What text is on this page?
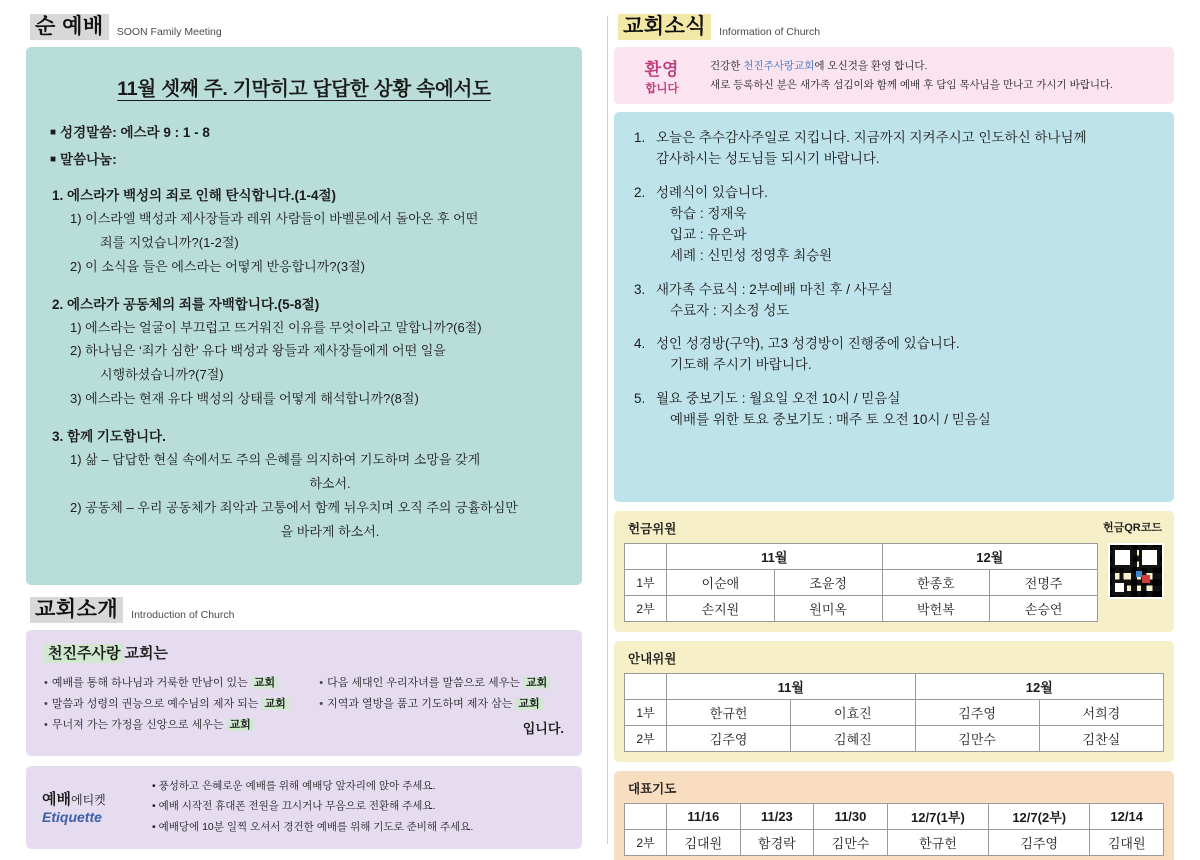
순 예배	SOON Family Meeting
11월 셋째 주. 기막히고 답답한 상황 속에서도
■ 성경말씀: 에스라 9 : 1 - 8
■ 말씀나눔:
1. 에스라가 백성의 죄로 인해 탄식합니다.(1-4절)
1) 이스라엘 백성과 제사장들과 레위 사람들이 바벨론에서 돌아온 후 어떤
죄를 지었습니까?(1-2절)
2) 이 소식을 들은 에스라는 어떻게 반응합니까?(3절)
2. 에스라가 공동체의 죄를 자백합니다.(5-8절)
1) 에스라는 얼굴이 부끄럽고 뜨거워진 이유를 무엇이라고 말합니까?(6절)
2) 하나님은 ‘죄가 심한’ 유다 백성과 왕들과 제사장들에게 어떤 일을
시행하셨습니까?(7절)
3) 에스라는 현재 유다 백성의 상태를 어떻게 해석합니까?(8절)
3. 함께 기도합니다.
1) 삶 – 답답한 현실 속에서도 주의 은혜를 의지하여 기도하며 소망을 갖게
하소서.
2) 공동체 – 우리 공동체가 죄악과 고통에서 함께 뉘우치며 오직 주의 긍휼하심만
을 바라게 하소서.
교회소개	Introduction of Church
천진주사랑 교회는
• 예배를 통해 하나님과 거룩한 만남이 있는 교회
• 말씀과 성령의 권능으로 예수님의 제자 되는 교회
• 무너져 가는 가정을 신앙으로 세우는 교회
• 다음 세대인 우리자녀를 말씀으로 세우는 교회
• 지역과 열방을 품고 기도하며 제자 삼는 교회
입니다.
예배에티켓
Etiquette
• 풍성하고 은혜로운 예배를 위해 예배당 앞자리에 앉아 주세요.
• 예배 시작전 휴대폰 전원을 끄시거나 무음으로 전환해 주세요.
• 예배당에 10분 일찍 오셔서 경건한 예배를 위해 기도로 준비해 주세요.
교회소식	Information of Church
환영
합니다
건강한 천진주사랑교회에 오신것을 환영 합니다.
새로 등록하신 분은 새가족 섬김이와 함께 예배 후 담임 목사님을 만나고 가시기 바랍니다.
1. 오늘은 추수감사주일로 지킵니다. 지금까지 지켜주시고 인도하신 하나님께
감사하시는 성도님들 되시기 바랍니다.
2. 성례식이 있습니다.
학습 : 정재욱
입교 : 유은파
세례 : 신민성 정영후 최승원
3. 새가족 수료식 : 2부예배 마친 후 / 사무실
수료자 : 지소정 성도
4. 성인 성경방(구약), 고3 성경방이 진행중에 있습니다.
기도해 주시기 바랍니다.
5. 월요 중보기도 : 월요일 오전 10시 / 믿음실
예배를 위한 토요 중보기도 : 매주 토 오전 10시 / 믿음실
헌금위원	헌금QR코드
	11월		12월	
1부	이순애	조윤정	한종호	전명주
2부	손지원	원미옥	박헌복	손승연
안내위원
	11월		12월	
1부	한규헌	이효진	김주영	서희경
2부	김주영	김혜진	김만수	김찬실
대표기도
	11/16	11/23	11/30	12/7(1부)	12/7(2부)	12/14
2부	김대원	함경락	김만수	한규헌	김주영	김대원
